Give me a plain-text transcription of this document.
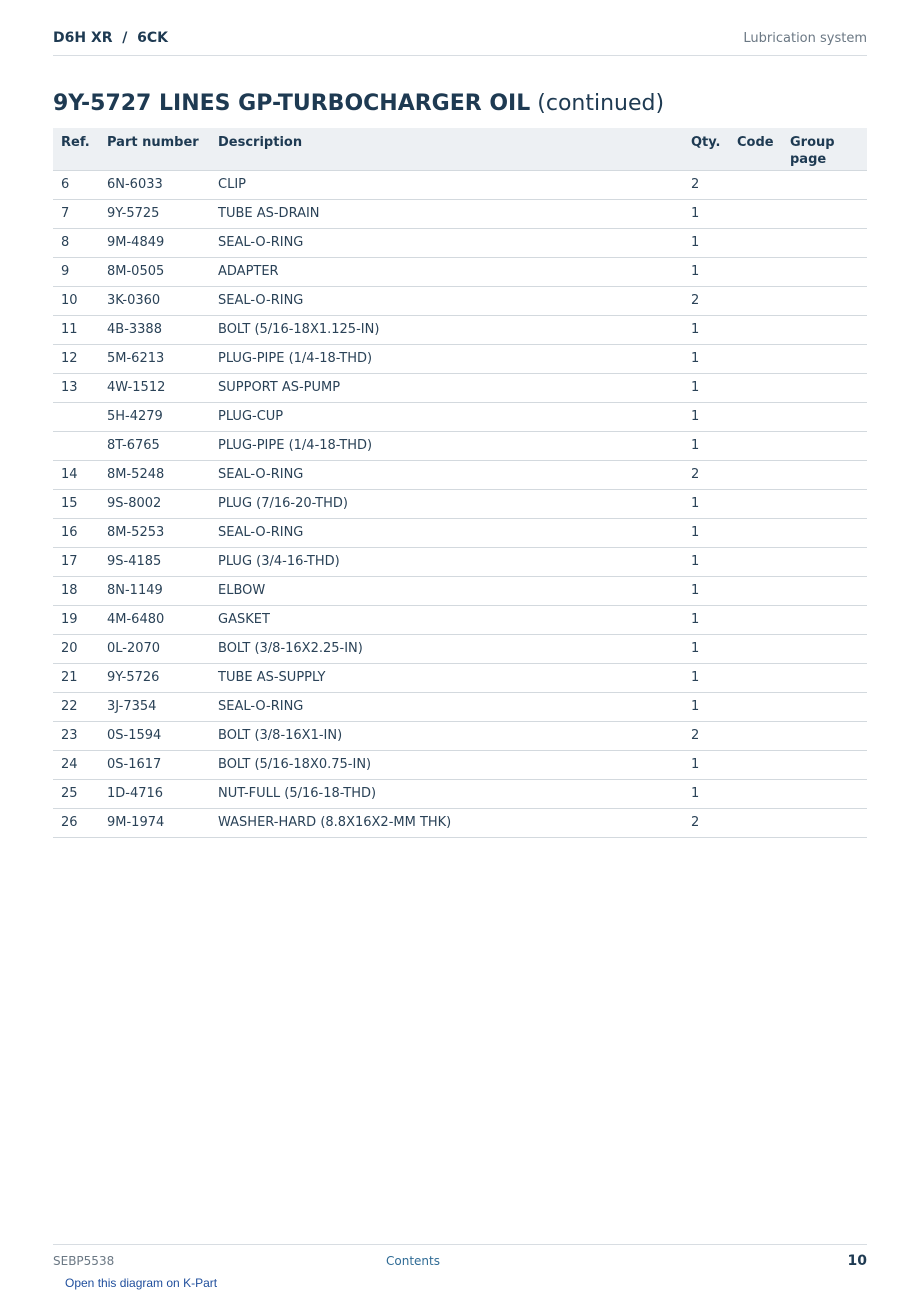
D6H XR  /  6CK	Lubrication system
9Y-5727 LINES GP-TURBOCHARGER OIL (continued)
Ref.	Part number	Description	Qty.	Code	Group page
6	6N-6033	CLIP	2		
7	9Y-5725	TUBE AS-DRAIN	1		
8	9M-4849	SEAL-O-RING	1		
9	8M-0505	ADAPTER	1		
10	3K-0360	SEAL-O-RING	2		
11	4B-3388	BOLT (5/16-18X1.125-IN)	1		
12	5M-6213	PLUG-PIPE (1/4-18-THD)	1		
13	4W-1512	SUPPORT AS-PUMP	1		
	5H-4279	PLUG-CUP	1		
	8T-6765	PLUG-PIPE (1/4-18-THD)	1		
14	8M-5248	SEAL-O-RING	2		
15	9S-8002	PLUG (7/16-20-THD)	1		
16	8M-5253	SEAL-O-RING	1		
17	9S-4185	PLUG (3/4-16-THD)	1		
18	8N-1149	ELBOW	1		
19	4M-6480	GASKET	1		
20	0L-2070	BOLT (3/8-16X2.25-IN)	1		
21	9Y-5726	TUBE AS-SUPPLY	1		
22	3J-7354	SEAL-O-RING	1		
23	0S-1594	BOLT (3/8-16X1-IN)	2		
24	0S-1617	BOLT (5/16-18X0.75-IN)	1		
25	1D-4716	NUT-FULL (5/16-18-THD)	1		
26	9M-1974	WASHER-HARD (8.8X16X2-MM THK)	2		
SEBP5538	Contents	10
Open this diagram on K-Part
